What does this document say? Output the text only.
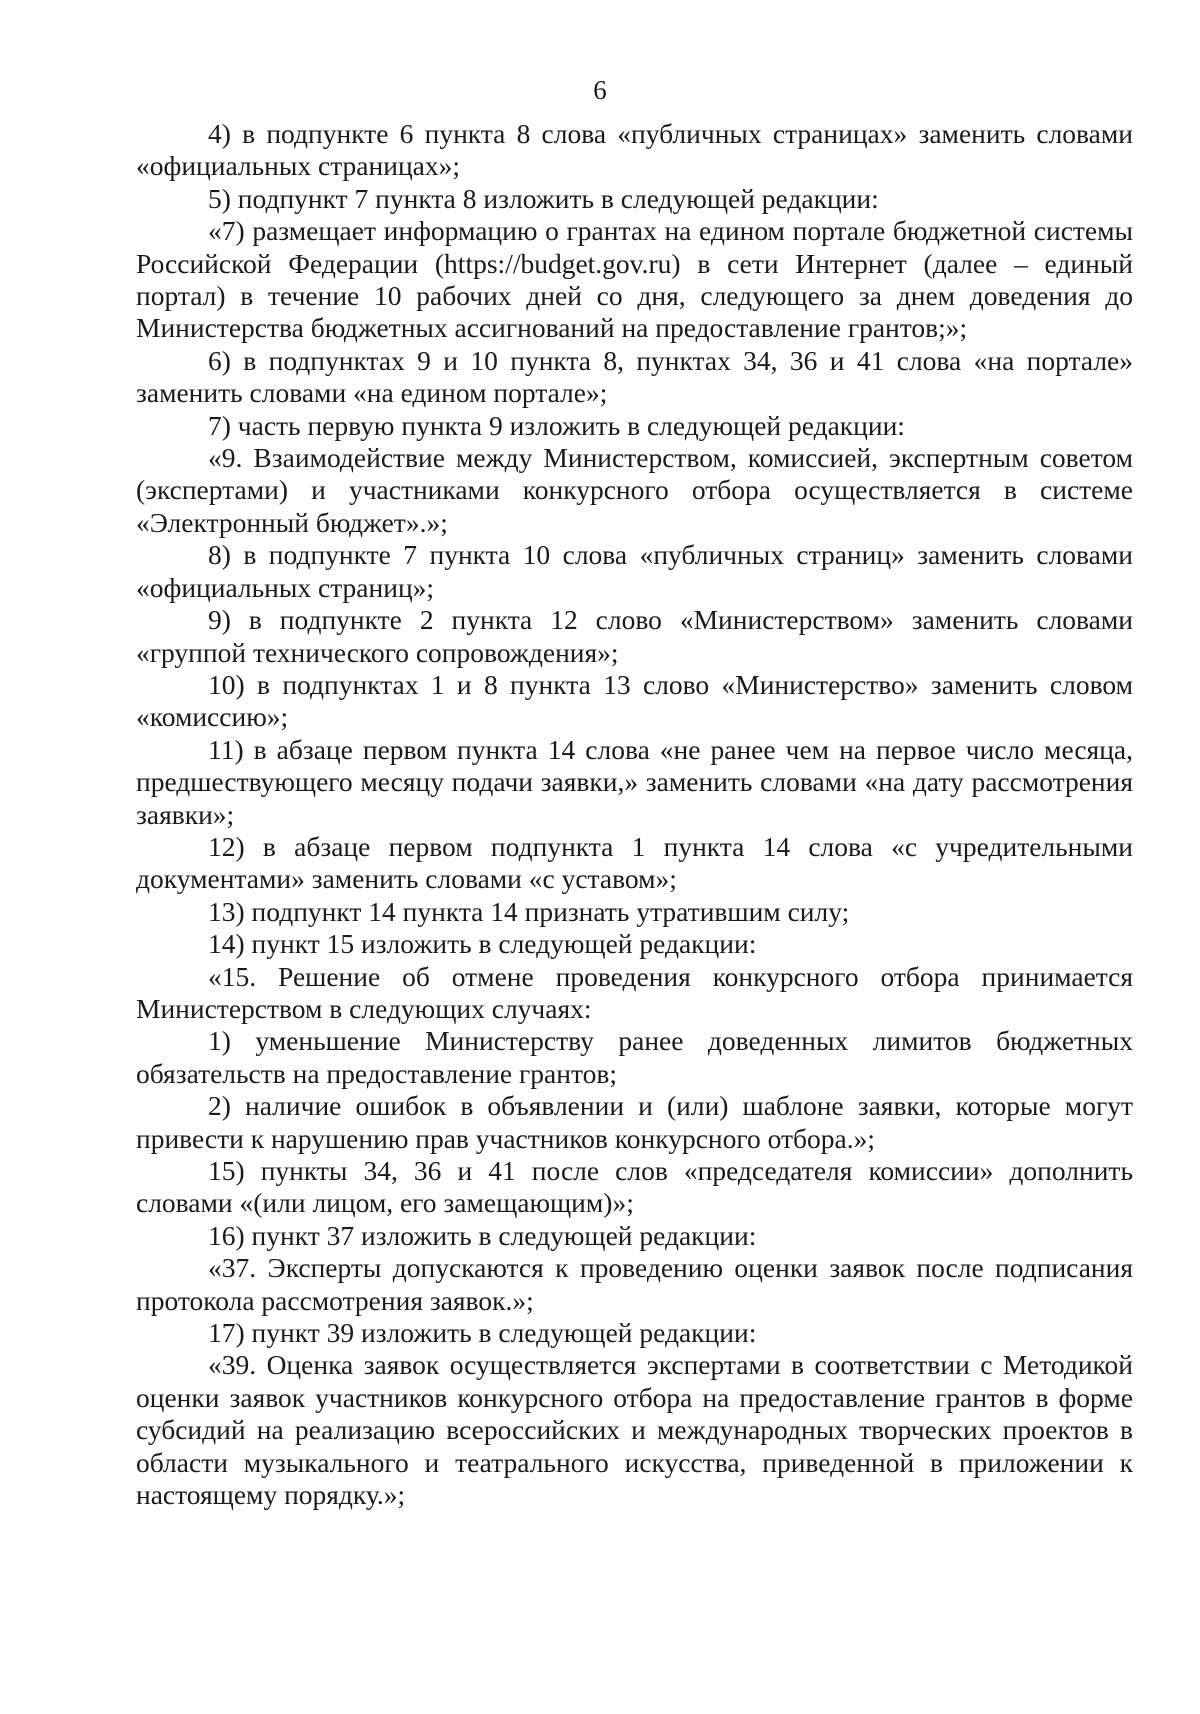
6

4) в подпункте 6 пункта 8 слова «публичных страницах» заменить словами «официальных страницах»;

5) подпункт 7 пункта 8 изложить в следующей редакции:

«7) размещает информацию о грантах на едином портале бюджетной системы Российской Федерации (https://budget.gov.ru) в сети Интернет (далее – единый портал) в течение 10 рабочих дней со дня, следующего за днем доведения до Министерства бюджетных ассигнований на предоставление грантов;»;

6) в подпунктах 9 и 10 пункта 8, пунктах 34, 36 и 41 слова «на портале» заменить словами «на едином портале»;

7) часть первую пункта 9 изложить в следующей редакции:

«9. Взаимодействие между Министерством, комиссией, экспертным советом (экспертами) и участниками конкурсного отбора осуществляется в системе «Электронный бюджет».»;

8) в подпункте 7 пункта 10 слова «публичных страниц» заменить словами «официальных страниц»;

9) в подпункте 2 пункта 12 слово «Министерством» заменить словами «группой технического сопровождения»;

10) в подпунктах 1 и 8 пункта 13 слово «Министерство» заменить словом «комиссию»;

11) в абзаце первом пункта 14 слова «не ранее чем на первое число месяца, предшествующего месяцу подачи заявки,» заменить словами «на дату рассмотрения заявки»;

12) в абзаце первом подпункта 1 пункта 14 слова «с учредительными документами» заменить словами «с уставом»;

13) подпункт 14 пункта 14 признать утратившим силу;

14) пункт 15 изложить в следующей редакции:

«15. Решение об отмене проведения конкурсного отбора принимается Министерством в следующих случаях:

1) уменьшение Министерству ранее доведенных лимитов бюджетных обязательств на предоставление грантов;

2) наличие ошибок в объявлении и (или) шаблоне заявки, которые могут привести к нарушению прав участников конкурсного отбора.»;

15) пункты 34, 36 и 41 после слов «председателя комиссии» дополнить словами «(или лицом, его замещающим)»;

16) пункт 37 изложить в следующей редакции:

«37. Эксперты допускаются к проведению оценки заявок после подписания протокола рассмотрения заявок.»;

17) пункт 39 изложить в следующей редакции:

«39. Оценка заявок осуществляется экспертами в соответствии с Методикой оценки заявок участников конкурсного отбора на предоставление грантов в форме субсидий на реализацию всероссийских и международных творческих проектов в области музыкального и театрального искусства, приведенной в приложении к настоящему порядку.»;
